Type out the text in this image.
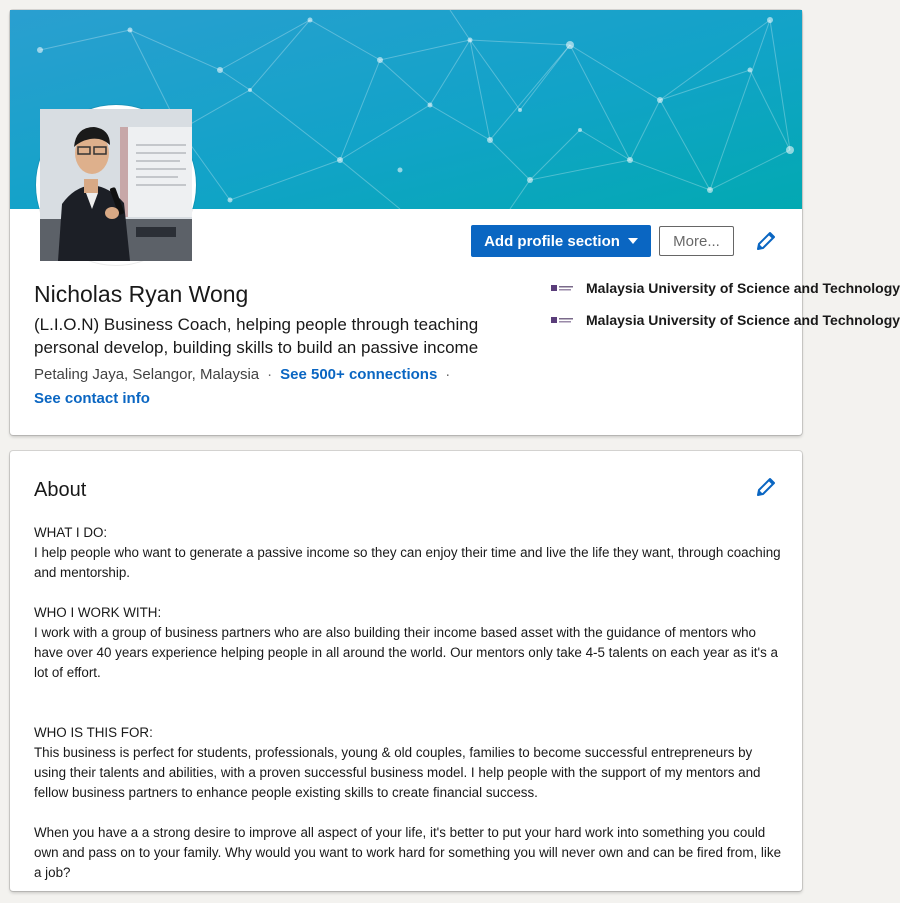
Add profile section	More...
Nicholas Ryan Wong
(L.I.O.N) Business Coach, helping people through teaching personal develop, building skills to build an passive income
Petaling Jaya, Selangor, Malaysia · See 500+ connections ·
See contact info
Malaysia University of Science and Technology
Malaysia University of Science and Technology
About

WHAT I DO:
I help people who want to generate a passive income so they can enjoy their time and live the life they want, through coaching and mentorship.

WHO I WORK WITH:
I work with a group of business partners who are also building their income based asset with the guidance of mentors who have over 40 years experience helping people in all around the world. Our mentors only take 4-5 talents on each year as it's a lot of effort.

WHO IS THIS FOR:
This business is perfect for students, professionals, young & old couples, families to become successful entrepreneurs by using their talents and abilities, with a proven successful business model. I help people with the support of my mentors and fellow business partners to enhance people existing skills to create financial success.

When you have a a strong desire to improve all aspect of your life, it's better to put your hard work into something you could own and pass on to your family. Why would you want to work hard for something you will never own and can be fired from, like a job?
